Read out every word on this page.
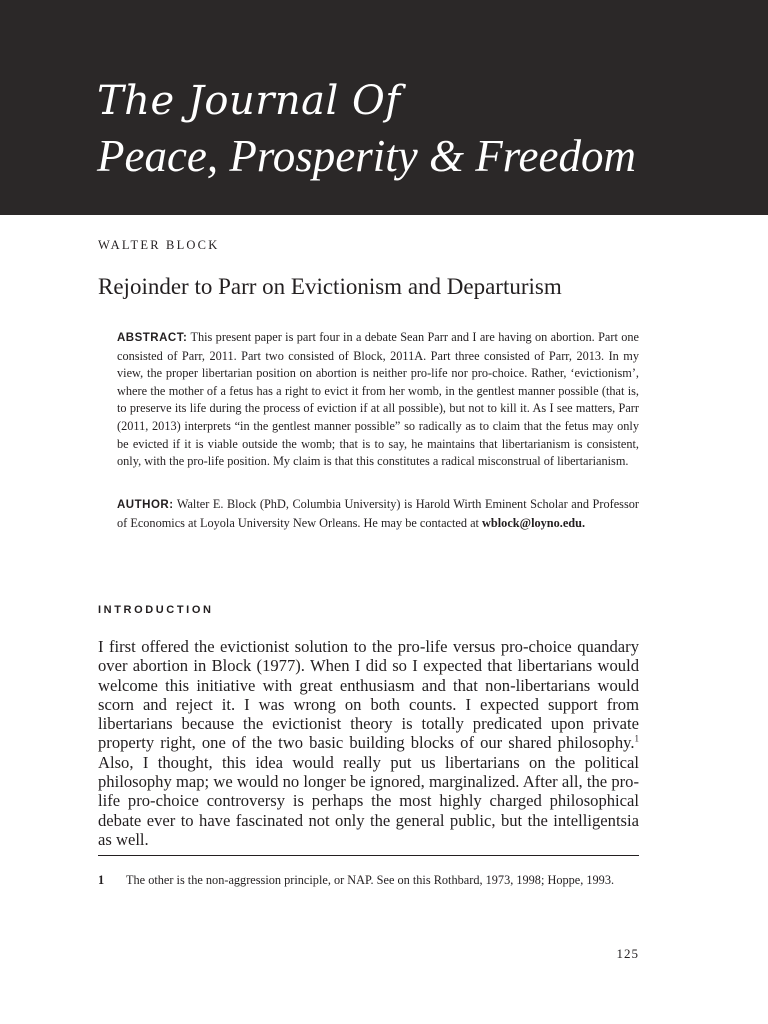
The Journal Of
Peace, Prosperity & Freedom
WALTER BLOCK
Rejoinder to Parr on Evictionism and Departurism
ABSTRACT: This present paper is part four in a debate Sean Parr and I are having on abortion. Part one consisted of Parr, 2011. Part two consisted of Block, 2011A. Part three consisted of Parr, 2013. In my view, the proper libertarian position on abortion is neither pro-life nor pro-choice. Rather, ‘evictionism’, where the mother of a fetus has a right to evict it from her womb, in the gentlest manner possible (that is, to preserve its life during the process of eviction if at all possible), but not to kill it. As I see matters, Parr (2011, 2013) interprets “in the gentlest manner possible” so radically as to claim that the fetus may only be evicted if it is viable outside the womb; that is to say, he maintains that libertarianism is consistent, only, with the pro-life position. My claim is that this constitutes a radical misconstrual of libertarianism.
AUTHOR: Walter E. Block (PhD, Columbia University) is Harold Wirth Eminent Scholar and Professor of Economics at Loyola University New Orleans. He may be contacted at wblock@loyno.edu.
INTRODUCTION
I first offered the evictionist solution to the pro-life versus pro-choice quandary over abortion in Block (1977). When I did so I expected that libertarians would welcome this initiative with great enthusiasm and that non-libertarians would scorn and reject it. I was wrong on both counts. I expected support from libertarians because the evictionist theory is totally predicated upon private property right, one of the two basic building blocks of our shared philosophy.$^1$ Also, I thought, this idea would really put us libertarians on the political philosophy map; we would no longer be ignored, marginalized. After all, the pro-life pro-choice controversy is perhaps the most highly charged philosophical debate ever to have fascinated not only the general public, but the intelligentsia as well.
1 The other is the non-aggression principle, or NAP. See on this Rothbard, 1973, 1998; Hoppe, 1993.
125
